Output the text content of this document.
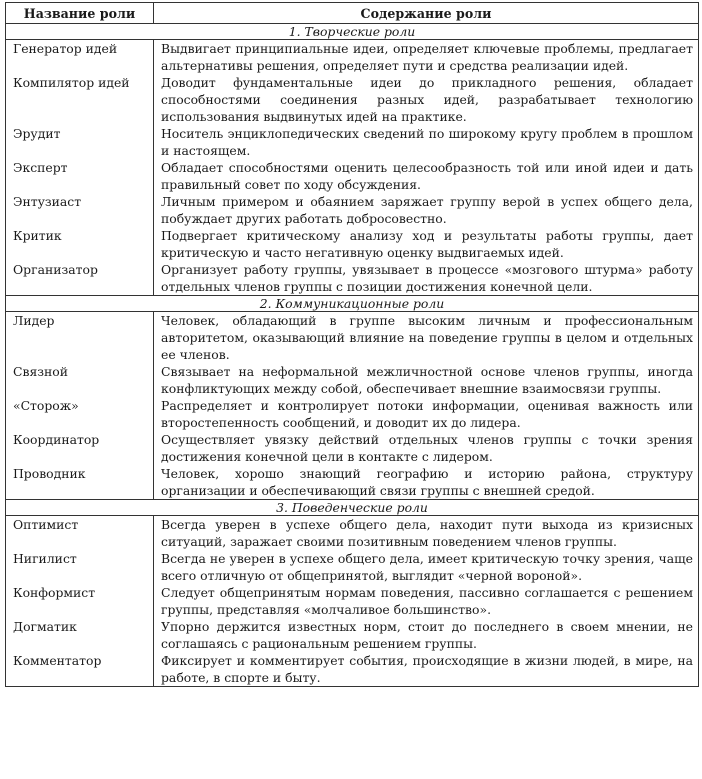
Название роли	Содержание роли
1. Творческие роли	

Генератор идей	Выдвигает принципиальные идеи, определяет ключевые проблемы, предлагает альтернативы решения, определяет пути и средства реализации идей.

Компилятор идей	Доводит фундаментальные идеи до прикладного решения, обладает способностями соединения разных идей, разрабатывает технологию использования выдвинутых идей на практике.

Эрудит	Носитель энциклопедических сведений по широкому кругу проблем в прошлом и настоящем.

Эксперт	Обладает способностями оценить целесообразность той или иной идеи и дать правильный совет по ходу обсуждения.

Энтузиаст	Личным примером и обаянием заряжает группу верой в успех общего дела, побуждает других работать добросовестно.

Критик	Подвергает критическому анализу ход и результаты работы группы, дает критическую и часто негативную оценку выдвигаемых идей.

Организатор	Организует работу группы, увязывает в процессе «мозгового штурма» работу отдельных членов группы с позиции достижения конечной цели.

2. Коммуникационные роли	

Лидер	Человек, обладающий в группе высоким личным и профессиональным авторитетом, оказывающий влияние на поведение группы в целом и отдельных ее членов.

Связной	Связывает на неформальной межличностной основе членов группы, иногда конфликтующих между собой, обеспечивает внешние взаимосвязи группы.

«Сторож»	Распределяет и контролирует потоки информации, оценивая важность или второстепенность сообщений, и доводит их до лидера.

Координатор	Осуществляет увязку действий отдельных членов группы с точки зрения достижения конечной цели в контакте с лидером.

Проводник	Человек, хорошо знающий географию и историю района, структуру организации и обеспечивающий связи группы с внешней средой.

3. Поведенческие роли	

Оптимист	Всегда уверен в успехе общего дела, находит пути выхода из кризисных ситуаций, заражает своими позитивным поведением членов группы.

Нигилист	Всегда не уверен в успехе общего дела, имеет критическую точку зрения, чаще всего отличную от общепринятой, выглядит «черной вороной».

Конформист	Следует общепринятым нормам поведения, пассивно соглашается с решением группы, представляя «молчаливое большинство».

Догматик	Упорно держится известных норм, стоит до последнего в своем мнении, не соглашаясь с рациональным решением группы.

Комментатор	Фиксирует и комментирует события, происходящие в жизни людей, в мире, на работе, в спорте и быту.
